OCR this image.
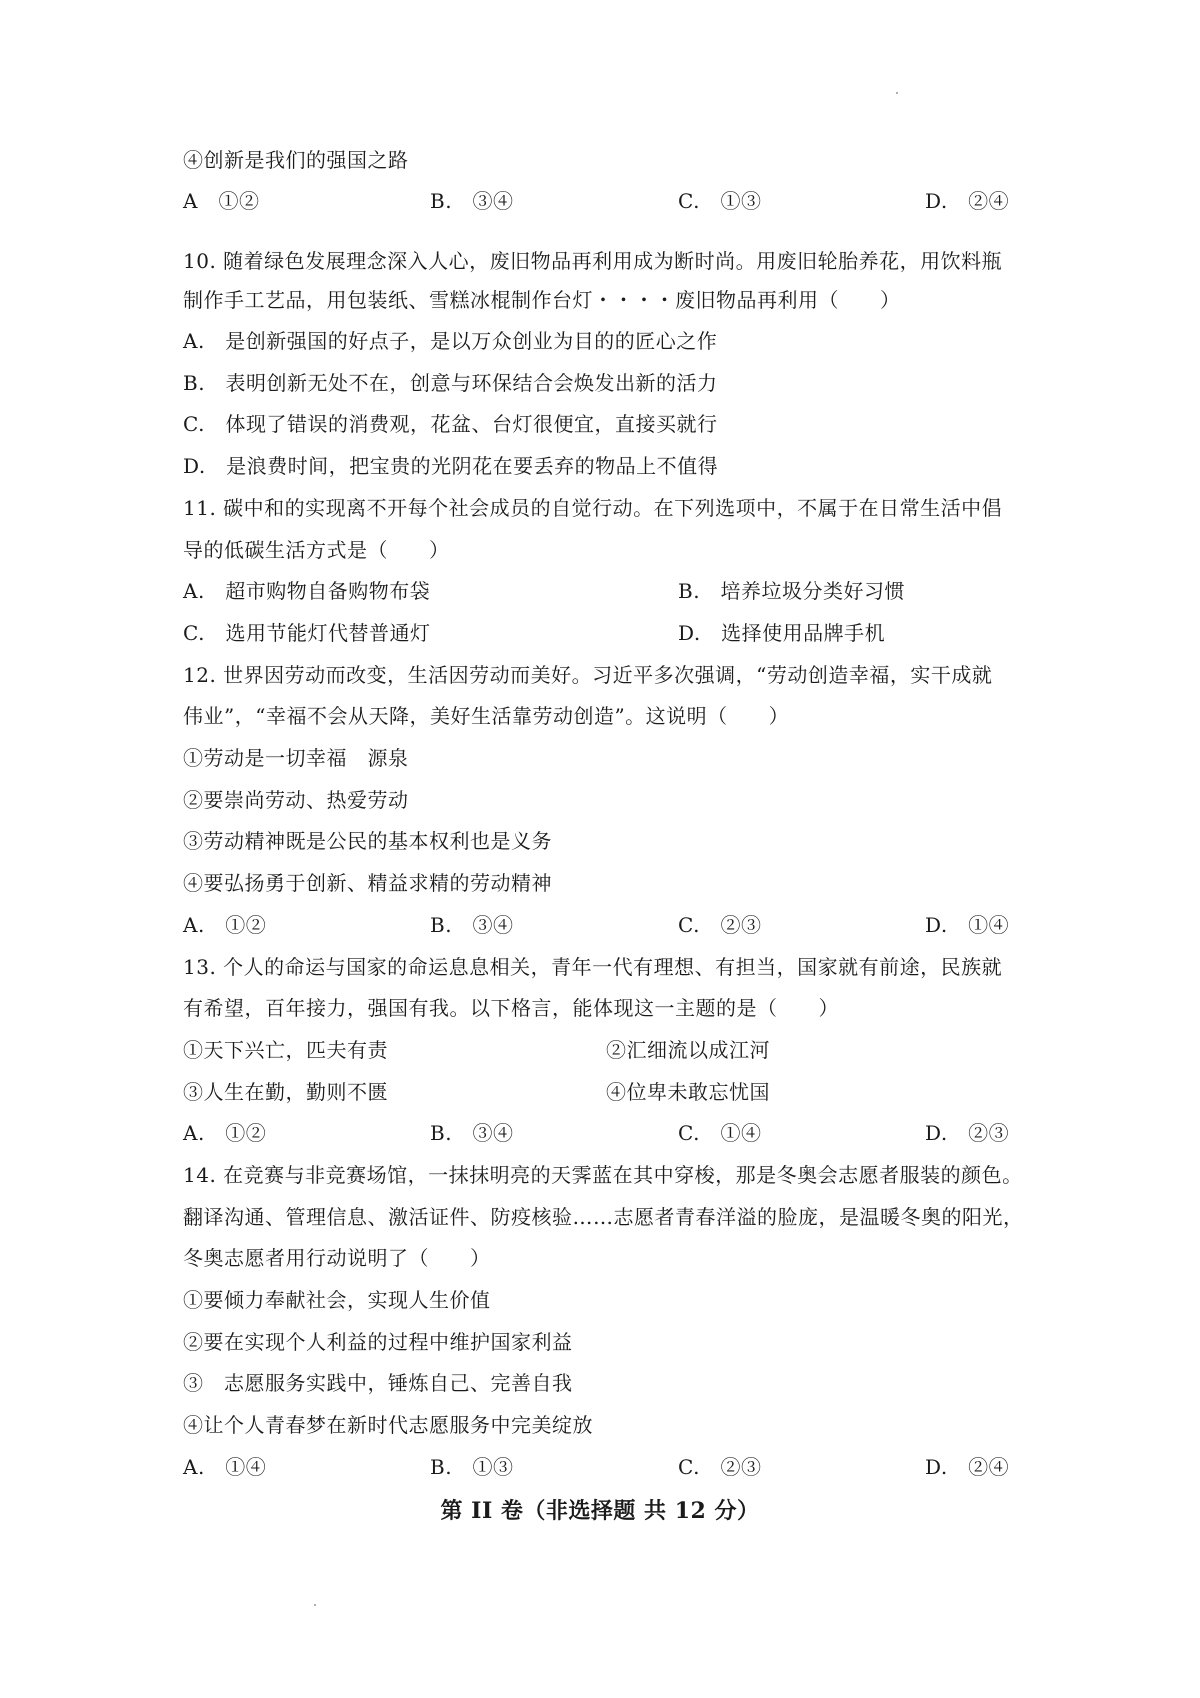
④创新是我们的强国之路
A　①②	B.　③④	C.　①③	D.　②④
10. 随着绿色发展理念深入人心，废旧物品再利用成为断时尚。用废旧轮胎养花，用饮料瓶
制作手工艺品，用包装纸、雪糕冰棍制作台灯・・・・废旧物品再利用（　　）
A.　是创新强国的好点子，是以万众创业为目的的匠心之作
B.　表明创新无处不在，创意与环保结合会焕发出新的活力
C.　体现了错误的消费观，花盆、台灯很便宜，直接买就行
D.　是浪费时间，把宝贵的光阴花在要丢弃的物品上不值得
11. 碳中和的实现离不开每个社会成员的自觉行动。在下列选项中，不属于在日常生活中倡
导的低碳生活方式是（　　）
A.　超市购物自备购物布袋	B.　培养垃圾分类好习惯
C.　选用节能灯代替普通灯	D.　选择使用品牌手机
12. 世界因劳动而改变，生活因劳动而美好。习近平多次强调，“劳动创造幸福，实干成就
伟业”，“幸福不会从天降，美好生活靠劳动创造”。这说明（　　）
①劳动是一切幸福　源泉
②要崇尚劳动、热爱劳动
③劳动精神既是公民的基本权利也是义务
④要弘扬勇于创新、精益求精的劳动精神
A.　①②	B.　③④	C.　②③	D.　①④
13. 个人的命运与国家的命运息息相关，青年一代有理想、有担当，国家就有前途，民族就
有希望，百年接力，强国有我。以下格言，能体现这一主题的是（　　）
①天下兴亡，匹夫有责	②汇细流以成江河
③人生在勤，勤则不匮	④位卑未敢忘忧国
A.　①②	B.　③④	C.　①④	D.　②③
14. 在竞赛与非竞赛场馆，一抹抹明亮的天霁蓝在其中穿梭，那是冬奥会志愿者服装的颜色。
翻译沟通、管理信息、激活证件、防疫核验……志愿者青春洋溢的脸庞，是温暖冬奥的阳光，
冬奥志愿者用行动说明了（　　）
①要倾力奉献社会，实现人生价值
②要在实现个人利益的过程中维护国家利益
③　志愿服务实践中，锤炼自己、完善自我
④让个人青春梦在新时代志愿服务中完美绽放
A.　①④	B.　①③	C.　②③	D.　②④
第 II 卷（非选择题 共 12 分）
